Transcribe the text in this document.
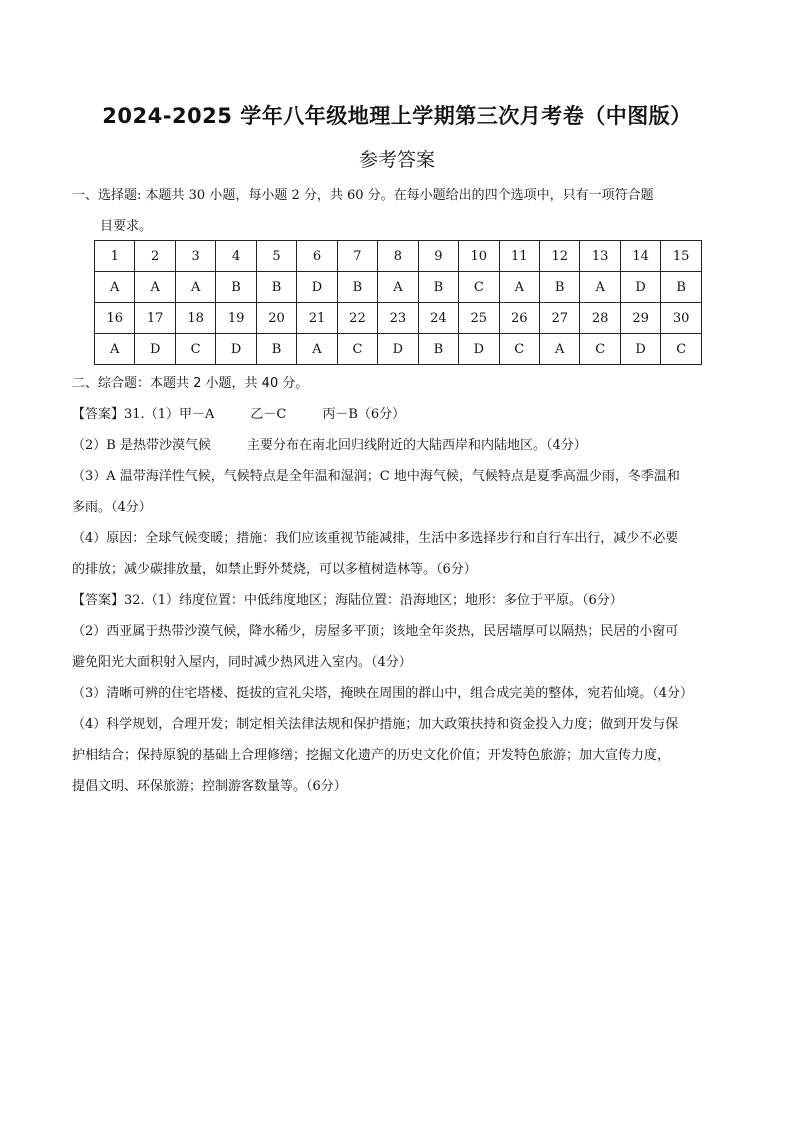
2024-2025 学年八年级地理上学期第三次月考卷（中图版）
参考答案
一、选择题: 本题共 30 小题，每小题 2 分，共 60 分。在每小题给出的四个选项中，只有一项符合题
目要求。
1	2	3	4	5	6	7	8	9	10	11	12	13	14	15
A	A	A	B	B	D	B	A	B	C	A	B	A	D	B
16	17	18	19	20	21	22	23	24	25	26	27	28	29	30
A	D	C	D	B	A	C	D	B	D	C	A	C	D	C
二、综合题：本题共 2 小题，共 40 分。
【答案】31.（1）甲－A	乙－C	丙－B（6分）
（2）B 是热带沙漠气候	主要分布在南北回归线附近的大陆西岸和内陆地区。（4分）
（3）A 温带海洋性气候，气候特点是全年温和湿润；C 地中海气候，气候特点是夏季高温少雨，冬季温和
多雨。（4分）
（4）原因：全球气候变暖；措施：我们应该重视节能减排，生活中多选择步行和自行车出行，减少不必要
的排放；减少碳排放量，如禁止野外焚烧，可以多植树造林等。（6分）
【答案】32.（1）纬度位置：中低纬度地区；海陆位置：沿海地区；地形：多位于平原。（6分）
（2）西亚属于热带沙漠气候，降水稀少，房屋多平顶；该地全年炎热，民居墙厚可以隔热；民居的小窗可
避免阳光大面积射入屋内，同时减少热风进入室内。（4分）
（3）清晰可辨的住宅塔楼、挺拔的宣礼尖塔，掩映在周围的群山中，组合成完美的整体，宛若仙境。（4分）
（4）科学规划，合理开发；制定相关法律法规和保护措施；加大政策扶持和资金投入力度；做到开发与保
护相结合；保持原貌的基础上合理修缮；挖掘文化遗产的历史文化价值；开发特色旅游；加大宣传力度，
提倡文明、环保旅游；控制游客数量等。（6分）
